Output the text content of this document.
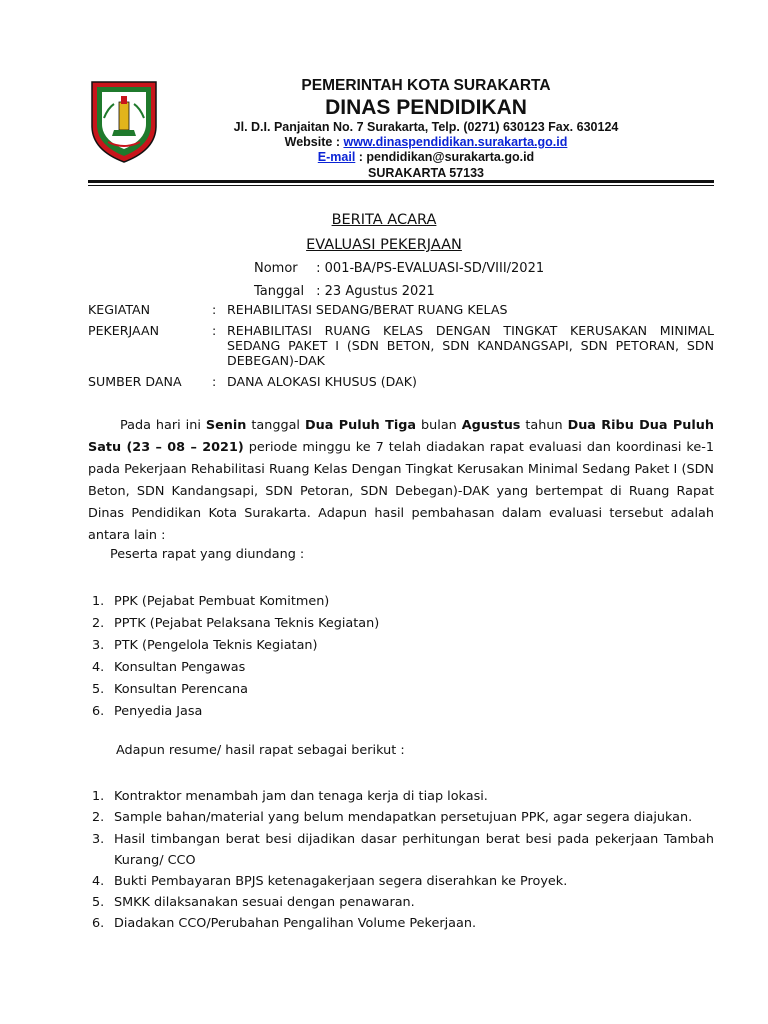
PEMERINTAH KOTA SURAKARTA
DINAS PENDIDIKAN
Jl. D.I. Panjaitan No. 7 Surakarta, Telp. (0271) 630123 Fax. 630124
Website : www.dinaspendidikan.surakarta.go.id
E-mail : pendidikan@surakarta.go.id
SURAKARTA 57133
BERITA ACARA
EVALUASI PEKERJAAN
Nomor : 001-BA/PS-EVALUASI-SD/VIII/2021
Tanggal : 23 Agustus 2021
KEGIATAN	: REHABILITASI SEDANG/BERAT RUANG KELAS
PEKERJAAN	: REHABILITASI RUANG KELAS DENGAN TINGKAT KERUSAKAN MINIMAL SEDANG PAKET I (SDN BETON, SDN KANDANGSAPI, SDN PETORAN, SDN DEBEGAN)-DAK
SUMBER DANA : DANA ALOKASI KHUSUS (DAK)
Pada hari ini Senin tanggal Dua Puluh Tiga bulan Agustus tahun Dua Ribu Dua Puluh Satu (23 – 08 – 2021) periode minggu ke 7 telah diadakan rapat evaluasi dan koordinasi ke-1 pada Pekerjaan Rehabilitasi Ruang Kelas Dengan Tingkat Kerusakan Minimal Sedang Paket I (SDN Beton, SDN Kandangsapi, SDN Petoran, SDN Debegan)-DAK yang bertempat di Ruang Rapat Dinas Pendidikan Kota Surakarta. Adapun hasil pembahasan dalam evaluasi tersebut adalah antara lain :
Peserta rapat yang diundang :
1. PPK (Pejabat Pembuat Komitmen)
2. PPTK (Pejabat Pelaksana Teknis Kegiatan)
3. PTK (Pengelola Teknis Kegiatan)
4. Konsultan Pengawas
5. Konsultan Perencana
6. Penyedia Jasa
Adapun resume/ hasil rapat sebagai berikut :
1. Kontraktor menambah jam dan tenaga kerja di tiap lokasi.
2. Sample bahan/material yang belum mendapatkan persetujuan PPK, agar segera diajukan.
3. Hasil timbangan berat besi dijadikan dasar perhitungan berat besi pada pekerjaan Tambah Kurang/ CCO
4. Bukti Pembayaran BPJS ketenagakerjaan segera diserahkan ke Proyek.
5. SMKK dilaksanakan sesuai dengan penawaran.
6. Diadakan CCO/Perubahan Pengalihan Volume Pekerjaan.
